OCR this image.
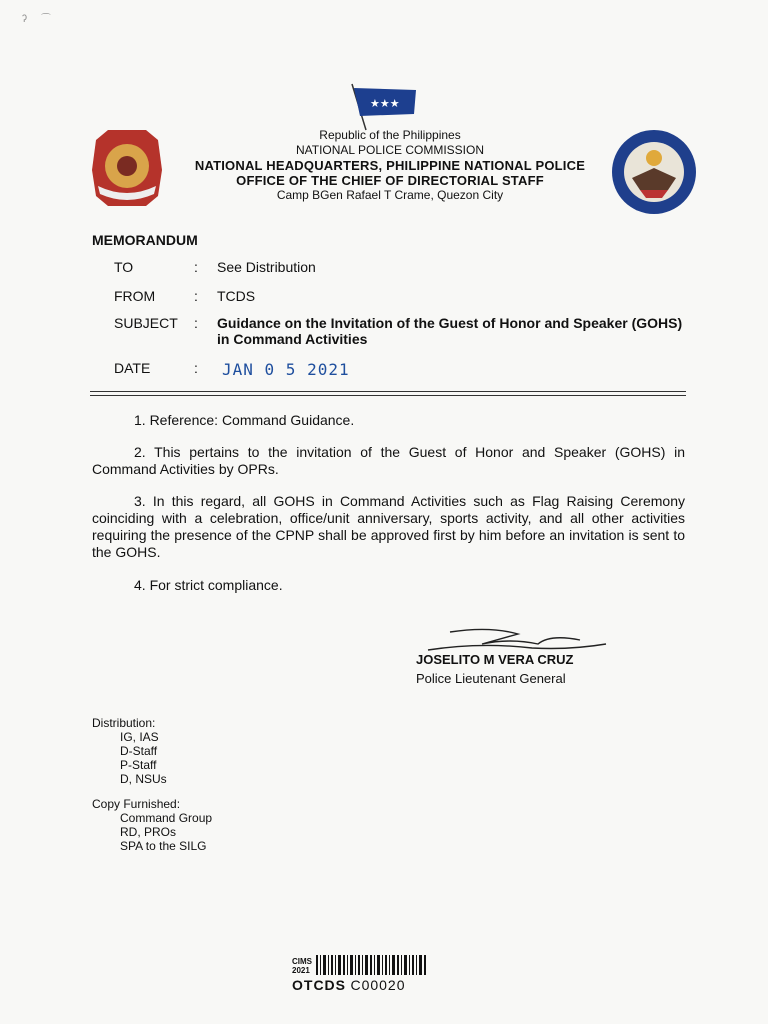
ʔ     ⌒
★★★
Republic of the Philippines
NATIONAL POLICE COMMISSION
NATIONAL HEADQUARTERS, PHILIPPINE NATIONAL POLICE
OFFICE OF THE CHIEF OF DIRECTORIAL STAFF
Camp BGen Rafael T Crame, Quezon City
MEMORANDUM
TO	: See Distribution
FROM	: TCDS
SUBJECT : Guidance on the Invitation of the Guest of Honor and Speaker (GOHS) in Command Activities
DATE	: JAN 0 5 2021
1. Reference: Command Guidance.
2. This pertains to the invitation of the Guest of Honor and Speaker (GOHS) in Command Activities by OPRs.
3. In this regard, all GOHS in Command Activities such as Flag Raising Ceremony coinciding with a celebration, office/unit anniversary, sports activity, and all other activities requiring the presence of the CPNP shall be approved first by him before an invitation is sent to the GOHS.
4. For strict compliance.
JOSELITO M VERA CRUZ
Police Lieutenant General
Distribution:
IG, IAS
D-Staff
P-Staff
D, NSUs
Copy Furnished:
Command Group
RD, PROs
SPA to the SILG
CIMS
2021
OTCDS C00020
